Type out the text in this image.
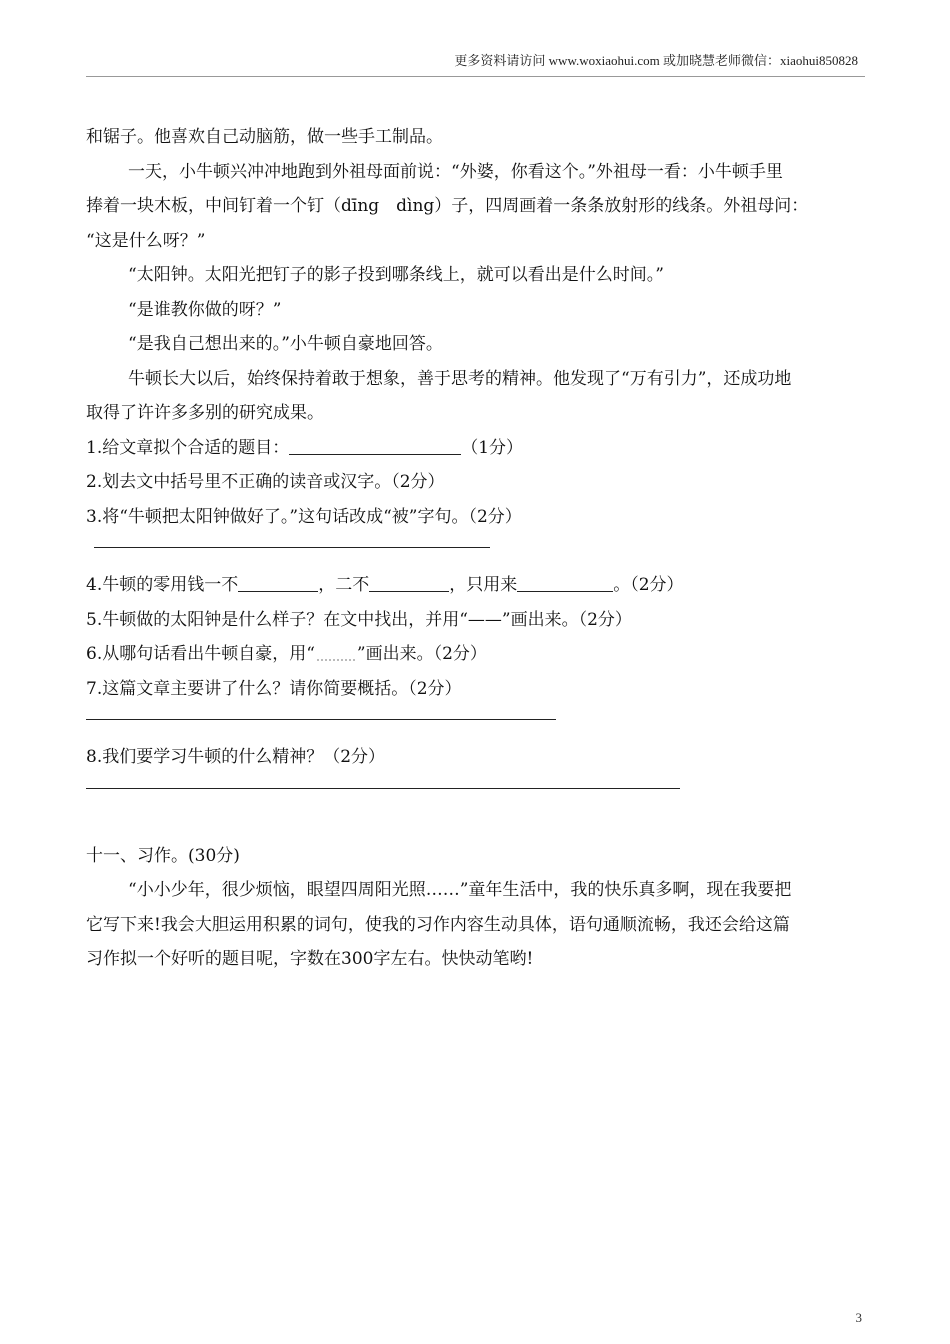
更多资料请访问 www.woxiaohui.com 或加晓慧老师微信：xiaohui850828

和锯子。他喜欢自己动脑筋，做一些手工制品。

一天，小牛顿兴冲冲地跑到外祖母面前说：“外婆，你看这个。”外祖母一看：小牛顿手里

捧着一块木板，中间钉着一个钉（dīng　dìng）子，四周画着一条条放射形的线条。外祖母问：

“这是什么呀？”

“太阳钟。太阳光把钉子的影子投到哪条线上，就可以看出是什么时间。”

“是谁教你做的呀？”

“是我自己想出来的。”小牛顿自豪地回答。

牛顿长大以后，始终保持着敢于想象，善于思考的精神。他发现了“万有引力”，还成功地

取得了许许多多别的研究成果。

1.给文章拟个合适的题目：	（1分）

2.划去文中括号里不正确的读音或汉字。（2分）

3.将“牛顿把太阳钟做好了。”这句话改成“被”字句。（2分）

4.牛顿的零用钱一不	，二不	，只用来	。（2分）

5.牛顿做的太阳钟是什么样子？在文中找出，并用“——”画出来。（2分）

6.从哪句话看出牛顿自豪，用“ ”画出来。（2分）

7.这篇文章主要讲了什么？请你简要概括。（2分）

8.我们要学习牛顿的什么精神？（2分）

十一、习作。(30分)

“小小少年，很少烦恼，眼望四周阳光照……”童年生活中，我的快乐真多啊，现在我要把

它写下来!我会大胆运用积累的词句，使我的习作内容生动具体，语句通顺流畅，我还会给这篇

习作拟一个好听的题目呢，字数在300字左右。快快动笔哟!

3
